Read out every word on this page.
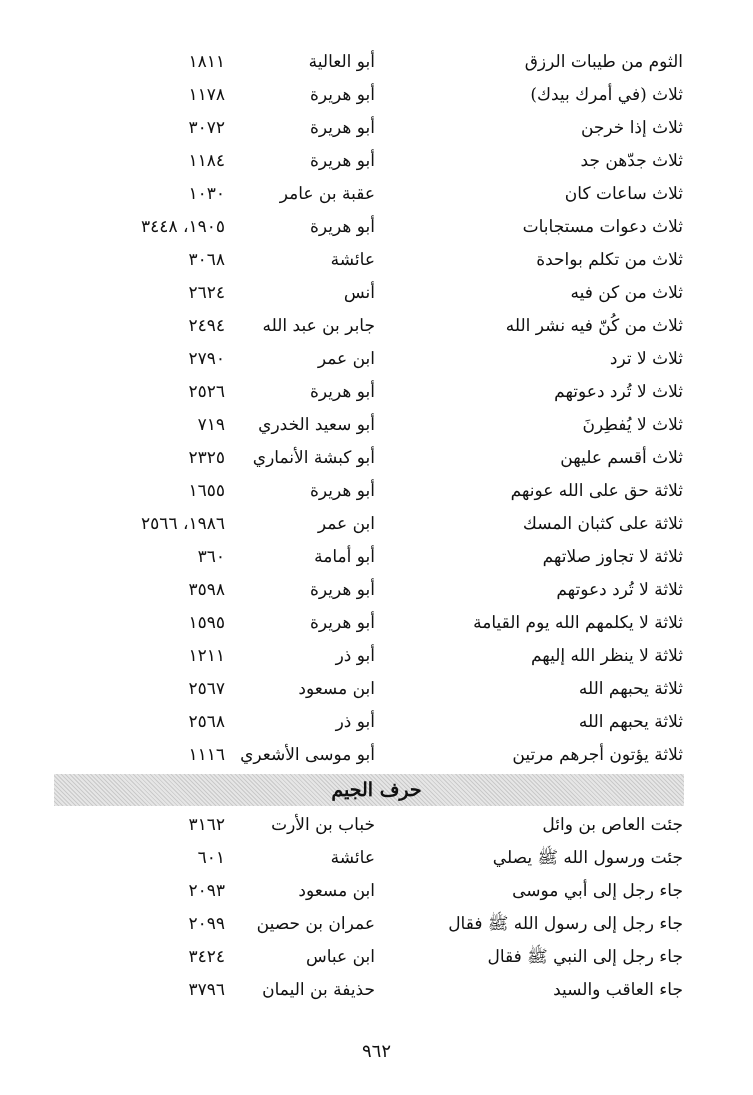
الثوم من طيبات الرزق
أبو العالية
١٨١١
ثلاث (في أمرك بيدك)
أبو هريرة
١١٧٨
ثلاث إذا خرجن
أبو هريرة
٣٠٧٢
ثلاث جدّهن جد
أبو هريرة
١١٨٤
ثلاث ساعات كان
عقبة بن عامر
١٠٣٠
ثلاث دعوات مستجابات
أبو هريرة
١٩٠٥، ٣٤٤٨
ثلاث من تكلم بواحدة
عائشة
٣٠٦٨
ثلاث من كن فيه
أنس
٢٦٢٤
ثلاث من كُنّ فيه نشر الله
جابر بن عبد الله
٢٤٩٤
ثلاث لا ترد
ابن عمر
٢٧٩٠
ثلاث لا تُرد دعوتهم
أبو هريرة
٢٥٢٦
ثلاث لا يُفطِرنَ
أبو سعيد الخدري
٧١٩
ثلاث أقسم عليهن
أبو كبشة الأنماري
٢٣٢٥
ثلاثة حق على الله عونهم
أبو هريرة
١٦٥٥
ثلاثة على كثبان المسك
ابن عمر
١٩٨٦، ٢٥٦٦
ثلاثة لا تجاوز صلاتهم
أبو أمامة
٣٦٠
ثلاثة لا تُرد دعوتهم
أبو هريرة
٣٥٩٨
ثلاثة لا يكلمهم الله يوم القيامة
أبو هريرة
١٥٩٥
ثلاثة لا ينظر الله إليهم
أبو ذر
١٢١١
ثلاثة يحبهم الله
ابن مسعود
٢٥٦٧
ثلاثة يحبهم الله
أبو ذر
٢٥٦٨
ثلاثة يؤتون أجرهم مرتين
أبو موسى الأشعري
١١١٦
حرف الجيم
جئت العاص بن وائل
خباب بن الأرت
٣١٦٢
جئت ورسول الله ﷺ يصلي
عائشة
٦٠١
جاء رجل إلى أبي موسى
ابن مسعود
٢٠٩٣
جاء رجل إلى رسول الله ﷺ فقال
عمران بن حصين
٢٠٩٩
جاء رجل إلى النبي ﷺ فقال
ابن عباس
٣٤٢٤
جاء العاقب والسيد
حذيفة بن اليمان
٣٧٩٦
٩٦٢
